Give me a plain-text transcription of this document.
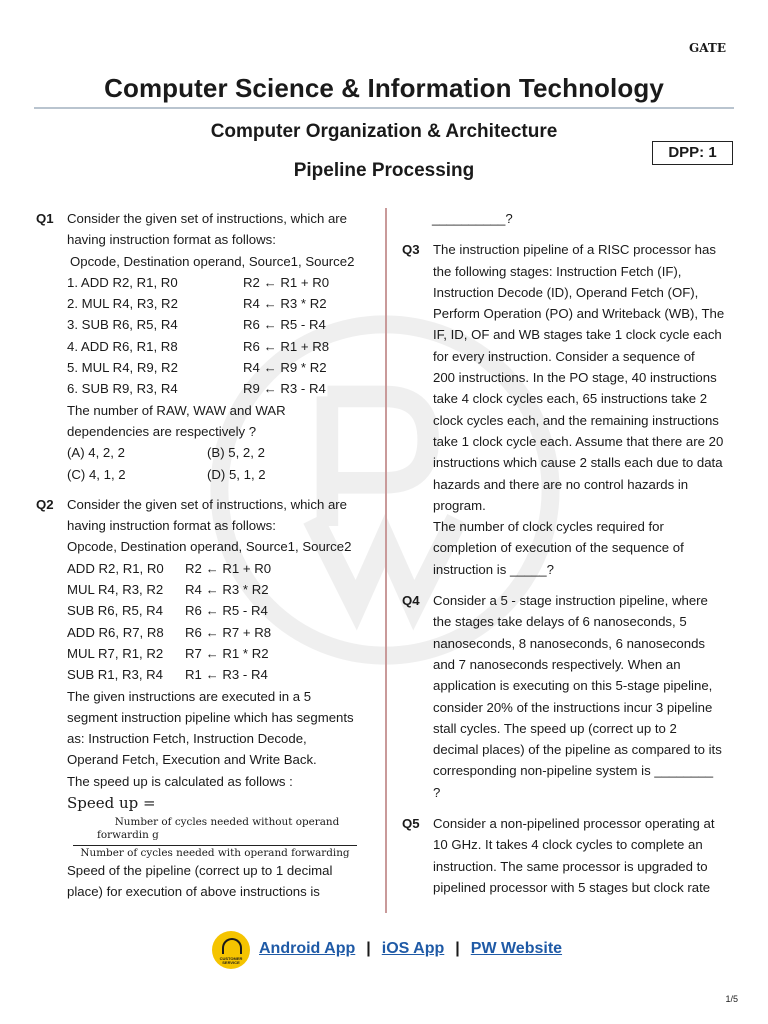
GATE
Computer Science & Information Technology
Computer Organization & Architecture
Pipeline Processing
DPP: 1
Q1 Consider the given set of instructions, which are
having instruction format as follows:
Opcode, Destination operand, Source1, Source2
1. ADD R2, R1, R0	R2 ← R1 + R0
2. MUL R4, R3, R2	R4 ← R3 * R2
3. SUB R6, R5, R4	R6 ← R5 - R4
4. ADD R6, R1, R8	R6 ← R1 + R8
5. MUL R4, R9, R2	R4 ← R9 * R2
6. SUB R9, R3, R4	R9 ← R3 - R4
The number of RAW, WAW and WAR
dependencies are respectively ?
(A) 4, 2, 2	(B) 5, 2, 2
(C) 4, 1, 2	(D) 5, 1, 2
Q2 Consider the given set of instructions, which are
having instruction format as follows:
Opcode, Destination operand, Source1, Source2
ADD R2, R1, R0	R2 ← R1 + R0
MUL R4, R3, R2	R4 ← R3 * R2
SUB R6, R5, R4	R6 ← R5 - R4
ADD R6, R7, R8	R6 ← R7 + R8
MUL R7, R1, R2	R7 ← R1 * R2
SUB R1, R3, R4	R1 ← R3 - R4
The given instructions are executed in a 5
segment instruction pipeline which has segments
as: Instruction Fetch, Instruction Decode,
Operand Fetch, Execution and Write Back.
The speed up is calculated as follows :
Speed up =
Number of cycles needed without operand
forwardin g
Number of cycles needed with operand forwarding
Speed of the pipeline (correct up to 1 decimal
place) for execution of above instructions is
__________?
Q3 The instruction pipeline of a RISC processor has
the following stages: Instruction Fetch (IF),
Instruction Decode (ID), Operand Fetch (OF),
Perform Operation (PO) and Writeback (WB), The
IF, ID, OF and WB stages take 1 clock cycle each
for every instruction. Consider a sequence of
200 instructions. In the PO stage, 40 instructions
take 4 clock cycles each, 65 instructions take 2
clock cycles each, and the remaining instructions
take 1 clock cycle each. Assume that there are 20
instructions which cause 2 stalls each due to data
hazards and there are no control hazards in
program.
The number of clock cycles required for
completion of execution of the sequence of
instruction is _____?
Q4 Consider a 5 - stage instruction pipeline, where
the stages take delays of 6 nanoseconds, 5
nanoseconds, 8 nanoseconds, 6 nanoseconds
and 7 nanoseconds respectively. When an
application is executing on this 5-stage pipeline,
consider 20% of the instructions incur 3 pipeline
stall cycles. The speed up (correct up to 2
decimal places) of the pipeline as compared to its
corresponding non-pipeline system is ________
?
Q5 Consider a non-pipelined processor operating at
10 GHz. It takes 4 clock cycles to complete an
instruction. The same processor is upgraded to
pipelined processor with 5 stages but clock rate
CUSTOMER SERVICE
Android App | iOS App | PW Website
1/5
